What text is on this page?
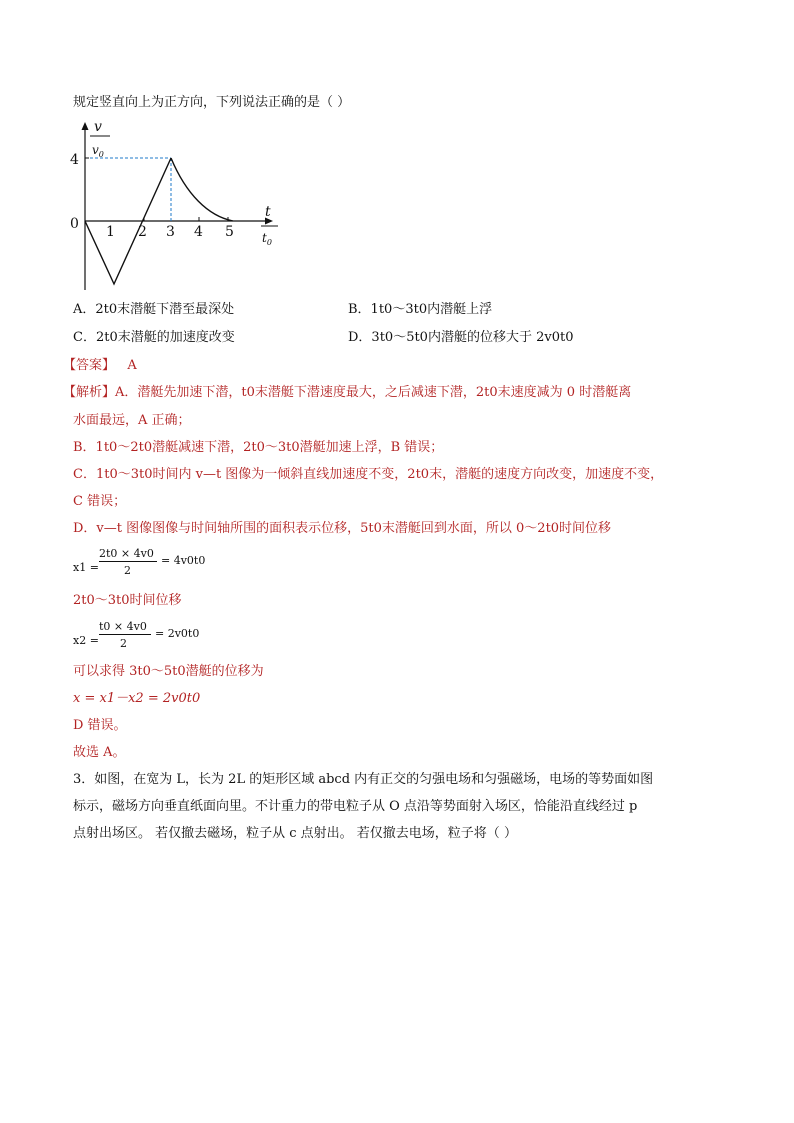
规定竖直向上为正方向，下列说法正确的是（ ）
v
$v_0$
4
0 1 2 3 4 5
t
$t_0$
A．2t0末潜艇下潜至最深处	B．1t0～3t0内潜艇上浮
C．2t0末潜艇的加速度改变	D．3t0～5t0内潜艇的位移大于 2v0t0
【答案】 A
【解析】A．潜艇先加速下潜，t0末潜艇下潜速度最大，之后减速下潜，2t0末速度减为 0 时潜艇离
水面最远，A 正确；
B．1t0～2t0潜艇减速下潜，2t0～3t0潜艇加速上浮，B 错误；
C．1t0～3t0时间内 v—t 图像为一倾斜直线加速度不变，2t0末，潜艇的速度方向改变，加速度不变，
C 错误；
D．v—t 图像图像与时间轴所围的面积表示位移，5t0末潜艇回到水面，所以 0～2t0时间位移
x1 =
2t0 × 4v0
2
= 4v0t0
2t0～3t0时间位移
x2 =
t0 × 4v0
2
= 2v0t0
可以求得 3t0～5t0潜艇的位移为
x = x1－x2 = 2v0t0
D 错误。
故选 A。
3．如图，在宽为 L，长为 2L 的矩形区域 abcd 内有正交的匀强电场和匀强磁场，电场的等势面如图
标示，磁场方向垂直纸面向里。不计重力的带电粒子从 O 点沿等势面射入场区，恰能沿直线经过 p
点射出场区。 若仅撤去磁场，粒子从 c 点射出。 若仅撤去电场，粒子将（ ）
